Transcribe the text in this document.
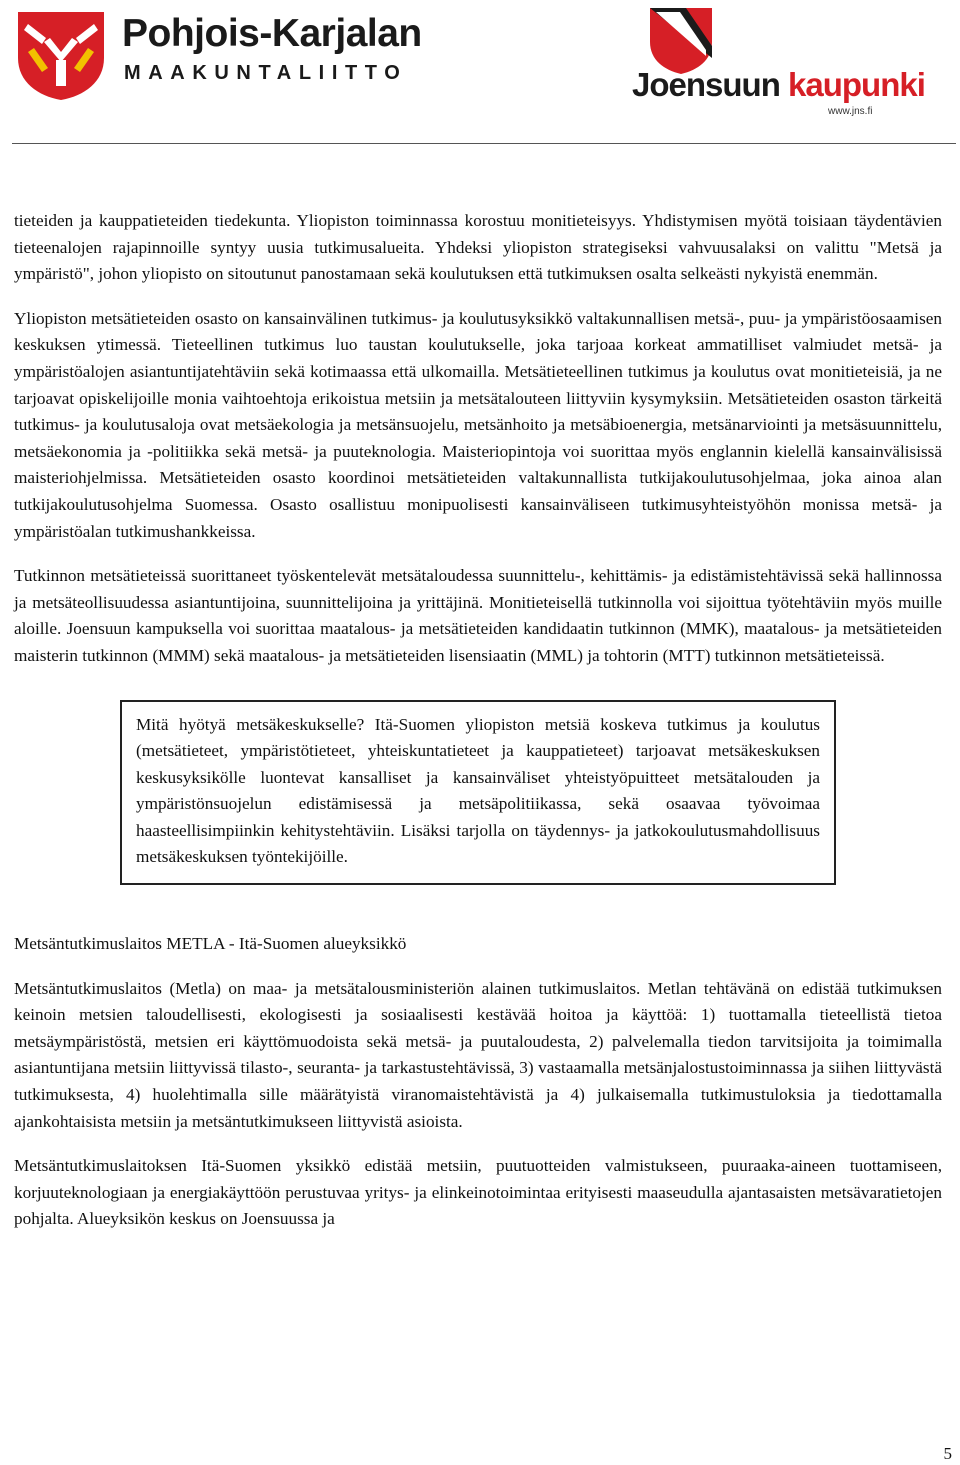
Pohjois-Karjalan
MAAKUNTALIITTO	Joensuun kaupunki
www.jns.fi

tieteiden ja kauppatieteiden tiedekunta. Yliopiston toiminnassa korostuu monitieteisyys. Yhdistymisen myötä toisiaan täydentävien tieteenalojen rajapinnoille syntyy uusia tutkimusalueita. Yhdeksi yliopiston strategiseksi vahvuusalaksi on valittu "Metsä ja ympäristö", johon yliopisto on sitoutunut panostamaan sekä koulutuksen että tutkimuksen osalta selkeästi nykyistä enemmän.

Yliopiston metsätieteiden osasto on kansainvälinen tutkimus- ja koulutusyksikkö valtakunnallisen metsä-, puu- ja ympäristöosaamisen keskuksen ytimessä. Tieteellinen tutkimus luo taustan koulutukselle, joka tarjoaa korkeat ammatilliset valmiudet metsä- ja ympäristöalojen asiantuntijatehtäviin sekä kotimaassa että ulkomailla. Metsätieteellinen tutkimus ja koulutus ovat monitieteisiä, ja ne tarjoavat opiskelijoille monia vaihtoehtoja erikoistua metsiin ja metsätalouteen liittyviin kysymyksiin. Metsätieteiden osaston tärkeitä tutkimus- ja koulutusaloja ovat metsäekologia ja metsänsuojelu, metsänhoito ja metsäbioenergia, metsänarviointi ja metsäsuunnittelu, metsäekonomia ja -politiikka sekä metsä- ja puuteknologia. Maisteriopintoja voi suorittaa myös englannin kielellä kansainvälisissä maisteriohjelmissa. Metsätieteiden osasto koordinoi metsätieteiden valtakunnallista tutkijakoulutusohjelmaa, joka ainoa alan tutkijakoulutusohjelma Suomessa. Osasto osallistuu monipuolisesti kansainväliseen tutkimusyhteistyöhön monissa metsä- ja ympäristöalan tutkimushankkeissa.

Tutkinnon metsätieteissä suorittaneet työskentelevät metsätaloudessa suunnittelu-, kehittämis- ja edistämistehtävissä sekä hallinnossa ja metsäteollisuudessa asiantuntijoina, suunnittelijoina ja yrittäjinä. Monitieteisellä tutkinnolla voi sijoittua työtehtäviin myös muille aloille. Joensuun kampuksella voi suorittaa maatalous- ja metsätieteiden kandidaatin tutkinnon (MMK), maatalous- ja metsätieteiden maisterin tutkinnon (MMM) sekä maatalous- ja metsätieteiden lisensiaatin (MML) ja tohtorin (MTT) tutkinnon metsätieteissä.

Mitä hyötyä metsäkeskukselle? Itä-Suomen yliopiston metsiä koskeva tutkimus ja koulutus (metsätieteet, ympäristötieteet, yhteiskuntatieteet ja kauppatieteet) tarjoavat metsäkeskuksen keskusyksikölle luontevat kansalliset ja kansainväliset yhteistyöpuitteet metsätalouden ja ympäristönsuojelun edistämisessä ja metsäpolitiikassa, sekä osaavaa työvoimaa haasteellisimpiinkin kehitystehtäviin. Lisäksi tarjolla on täydennys- ja jatkokoulutusmahdollisuus metsäkeskuksen työntekijöille.
Metsäntutkimuslaitos METLA - Itä-Suomen alueyksikkö

Metsäntutkimuslaitos (Metla) on maa- ja metsätalousministeriön alainen tutkimuslaitos. Metlan tehtävänä on edistää tutkimuksen keinoin metsien taloudellisesti, ekologisesti ja sosiaalisesti kestävää hoitoa ja käyttöä: 1) tuottamalla tieteellistä tietoa metsäympäristöstä, metsien eri käyttömuodoista sekä metsä- ja puutaloudesta, 2) palvelemalla tiedon tarvitsijoita ja toimimalla asiantuntijana metsiin liittyvissä tilasto-, seuranta- ja tarkastustehtävissä, 3) vastaamalla metsänjalostustoiminnassa ja siihen liittyvästä tutkimuksesta, 4) huolehtimalla sille määrätyistä viranomaistehtävistä ja 4) julkaisemalla tutkimustuloksia ja tiedottamalla ajankohtaisista metsiin ja metsäntutkimukseen liittyvistä asioista.

Metsäntutkimuslaitoksen Itä-Suomen yksikkö edistää metsiin, puutuotteiden valmistukseen, puuraaka-aineen tuottamiseen, korjuuteknologiaan ja energiakäyttöön perustuvaa yritys- ja elinkeinotoimintaa erityisesti maaseudulla ajantasaisten metsävaratietojen pohjalta. Alueyksikön keskus on Joensuussa ja

5
